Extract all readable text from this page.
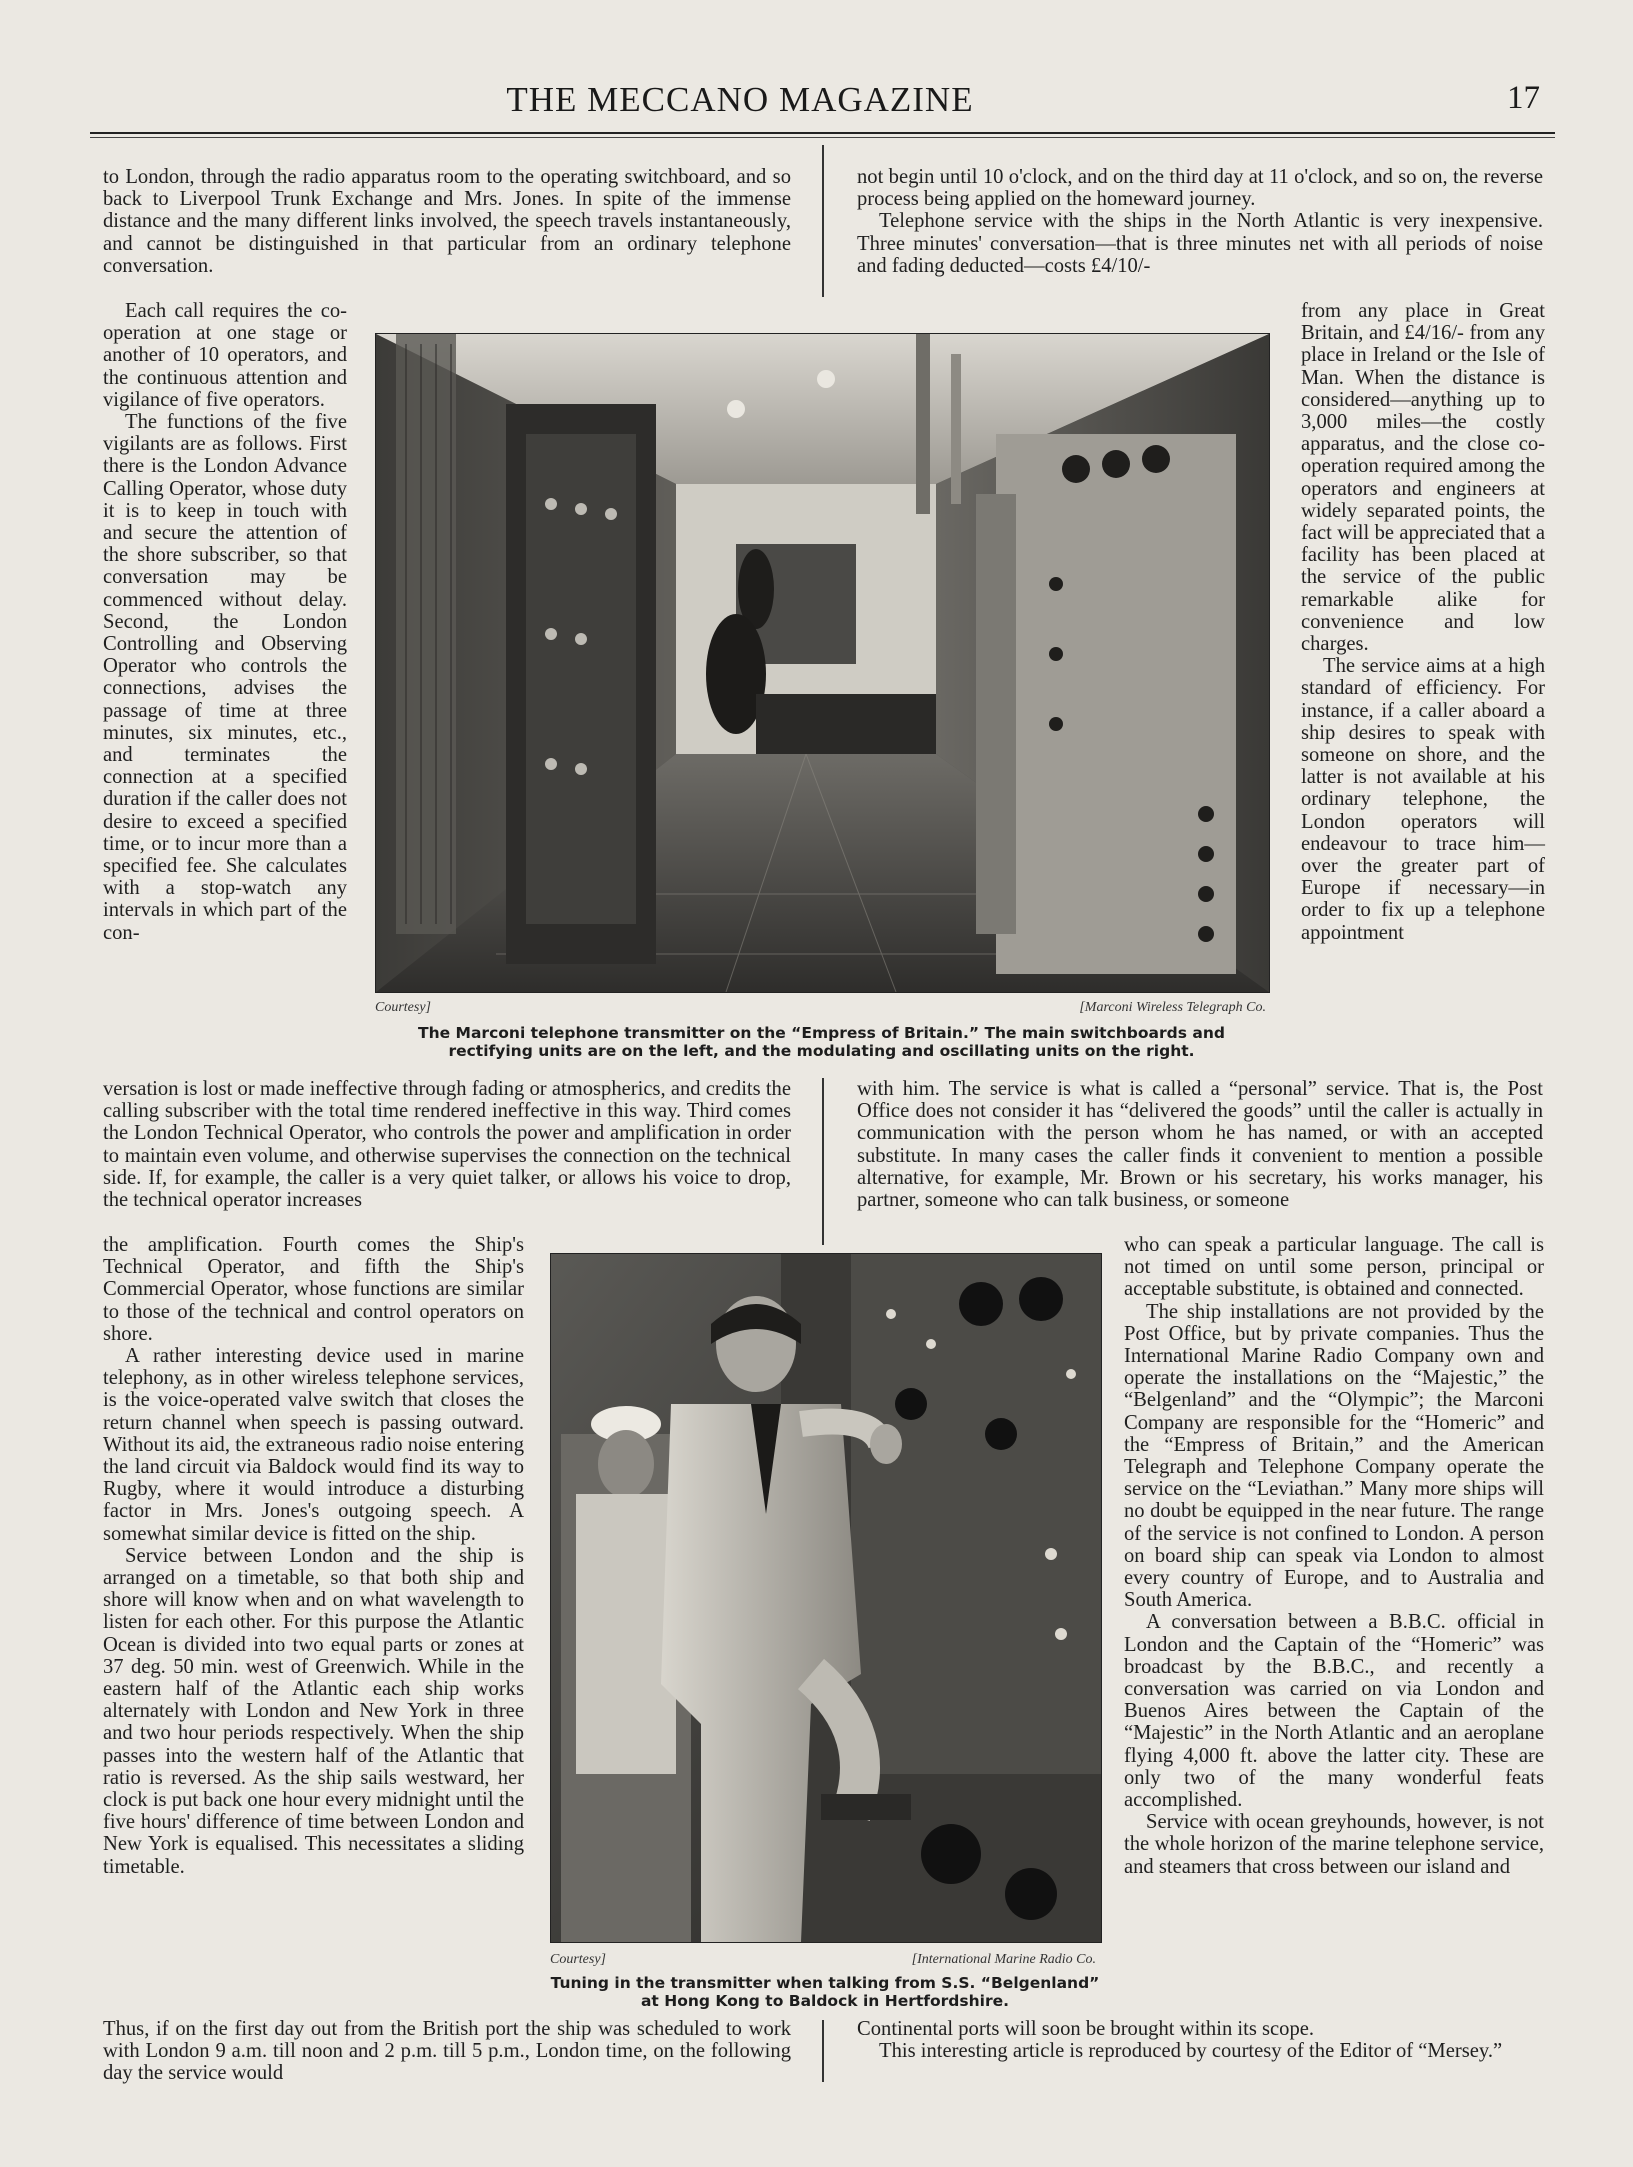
THE MECCANO MAGAZINE	17

to London, through the radio apparatus room to the operating switchboard, and so back to Liverpool Trunk Exchange and Mrs. Jones. In spite of the immense distance and the many different links involved, the speech travels instantaneously, and cannot be distinguished in that particular from an ordinary telephone conversation.

Each call requires the co-operation at one stage or another of 10 operators, and the continuous attention and vigilance of five operators.

The functions of the five vigilants are as follows. First there is the London Advance Calling Operator, whose duty it is to keep in touch with and secure the attention of the shore subscriber, so that conversation may be commenced without delay. Second, the London Controlling and Observing Operator who controls the connections, advises the passage of time at three minutes, six minutes, etc., and terminates the connection at a specified duration if the caller does not desire to exceed a specified time, or to incur more than a specified fee. She calculates with a stop-watch any intervals in which part of the con-

Courtesy]	[Marconi Wireless Telegraph Co.
The Marconi telephone transmitter on the “Empress of Britain.” The main switchboards and rectifying units are on the left, and the modulating and oscillating units on the right.

not begin until 10 o'clock, and on the third day at 11 o'clock, and so on, the reverse process being applied on the homeward journey.

Telephone service with the ships in the North Atlantic is very inexpensive. Three minutes' conversation—that is three minutes net with all periods of noise and fading deducted—costs £4/10/-

from any place in Great Britain, and £4/16/- from any place in Ireland or the Isle of Man. When the distance is considered—anything up to 3,000 miles—the costly apparatus, and the close co-operation required among the operators and engineers at widely separated points, the fact will be appreciated that a facility has been placed at the service of the public remarkable alike for convenience and low charges.

The service aims at a high standard of efficiency. For instance, if a caller aboard a ship desires to speak with someone on shore, and the latter is not available at his ordinary telephone, the London operators will endeavour to trace him—over the greater part of Europe if necessary—in order to fix up a telephone appointment

versation is lost or made ineffective through fading or atmospherics, and credits the calling subscriber with the total time rendered ineffective in this way. Third comes the London Technical Operator, who controls the power and amplification in order to maintain even volume, and otherwise supervises the connection on the technical side. If, for example, the caller is a very quiet talker, or allows his voice to drop, the technical operator increases

with him. The service is what is called a “personal” service. That is, the Post Office does not consider it has “delivered the goods” until the caller is actually in communication with the person whom he has named, or with an accepted substitute. In many cases the caller finds it convenient to mention a possible alternative, for example, Mr. Brown or his secretary, his works manager, his partner, someone who can talk business, or someone

the amplification. Fourth comes the Ship's Technical Operator, and fifth the Ship's Commercial Operator, whose functions are similar to those of the technical and control operators on shore.

A rather interesting device used in marine telephony, as in other wireless telephone services, is the voice-operated valve switch that closes the return channel when speech is passing outward. Without its aid, the extraneous radio noise entering the land circuit via Baldock would find its way to Rugby, where it would introduce a disturbing factor in Mrs. Jones's outgoing speech. A somewhat similar device is fitted on the ship.

Service between London and the ship is arranged on a timetable, so that both ship and shore will know when and on what wavelength to listen for each other. For this purpose the Atlantic Ocean is divided into two equal parts or zones at 37 deg. 50 min. west of Greenwich. While in the eastern half of the Atlantic each ship works alternately with London and New York in three and two hour periods respectively. When the ship passes into the western half of the Atlantic that ratio is reversed. As the ship sails westward, her clock is put back one hour every midnight until the five hours' difference of time between London and New York is equalised. This necessitates a sliding timetable.

Courtesy]	[International Marine Radio Co.
Tuning in the transmitter when talking from S.S. “Belgenland” at Hong Kong to Baldock in Hertfordshire.

who can speak a particular language. The call is not timed on until some person, principal or acceptable substitute, is obtained and connected.

The ship installations are not provided by the Post Office, but by private companies. Thus the International Marine Radio Company own and operate the installations on the “Majestic,” the “Belgenland” and the “Olympic”; the Marconi Company are responsible for the “Homeric” and the “Empress of Britain,” and the American Telegraph and Telephone Company operate the service on the “Leviathan.” Many more ships will no doubt be equipped in the near future. The range of the service is not confined to London. A person on board ship can speak via London to almost every country of Europe, and to Australia and South America.

A conversation between a B.B.C. official in London and the Captain of the “Homeric” was broadcast by the B.B.C., and recently a conversation was carried on via London and Buenos Aires between the Captain of the “Majestic” in the North Atlantic and an aeroplane flying 4,000 ft. above the latter city. These are only two of the many wonderful feats accomplished.

Service with ocean greyhounds, however, is not the whole horizon of the marine telephone service, and steamers that cross between our island and

Thus, if on the first day out from the British port the ship was scheduled to work with London 9 a.m. till noon and 2 p.m. till 5 p.m., London time, on the following day the service would

Continental ports will soon be brought within its scope.

This interesting article is reproduced by courtesy of the Editor of “Mersey.”
